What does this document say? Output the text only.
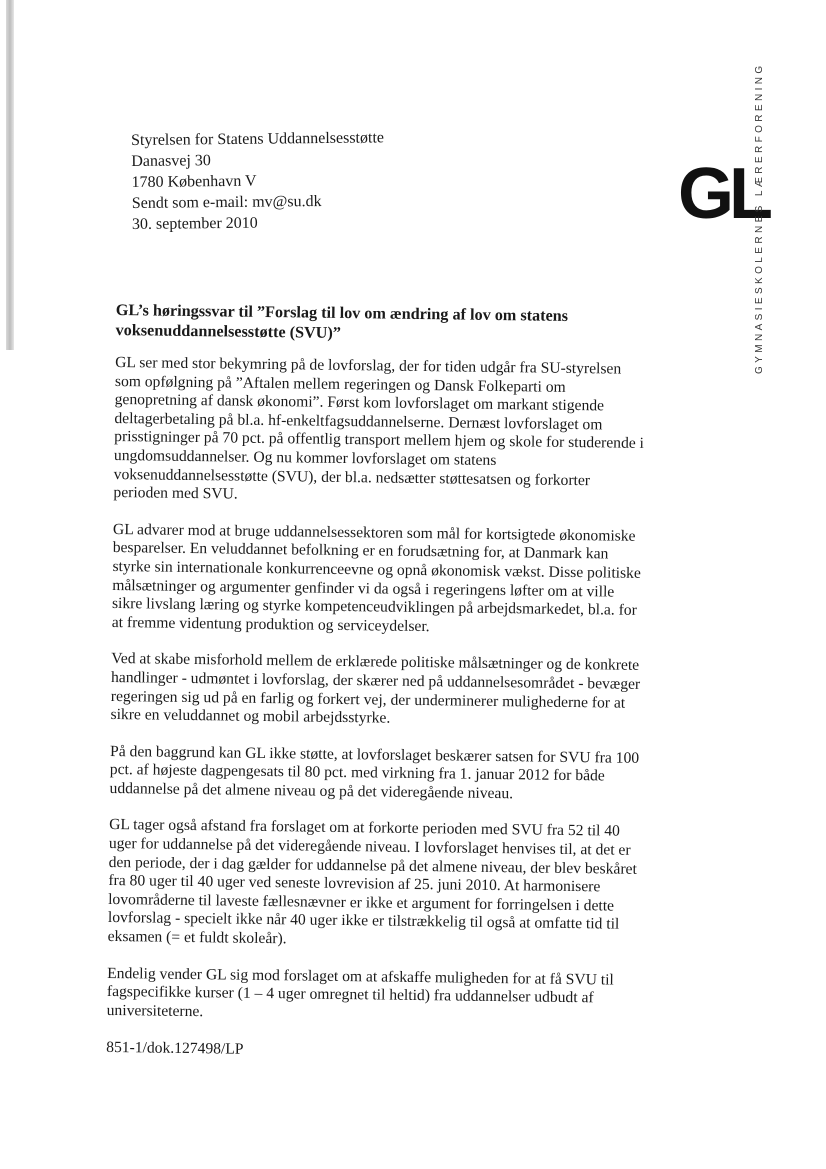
Styrelsen for Statens Uddannelsesstøtte
Danasvej 30
1780 København V
Sendt som e-mail: mv@su.dk
30. september 2010	GL
GYMNASIESKOLERNES LÆRERFORENING
GL’s høringssvar til ”Forslag til lov om ændring af lov om statens voksenuddannelsesstøtte (SVU)”

GL ser med stor bekymring på de lovforslag, der for tiden udgår fra SU-styrelsen som opfølgning på ”Aftalen mellem regeringen og Dansk Folkeparti om genopretning af dansk økonomi”. Først kom lovforslaget om markant stigende deltagerbetaling på bl.a. hf-enkeltfagsuddannelserne. Dernæst lovforslaget om prisstigninger på 70 pct. på offentlig transport mellem hjem og skole for studerende i ungdomsuddannelser. Og nu kommer lovforslaget om statens voksenuddannelsesstøtte (SVU), der bl.a. nedsætter støttesatsen og forkorter perioden med SVU.

GL advarer mod at bruge uddannelsessektoren som mål for kortsigtede økonomiske besparelser. En veluddannet befolkning er en forudsætning for, at Danmark kan styrke sin internationale konkurrenceevne og opnå økonomisk vækst. Disse politiske målsætninger og argumenter genfinder vi da også i regeringens løfter om at ville sikre livslang læring og styrke kompetenceudviklingen på arbejdsmarkedet, bl.a. for at fremme videntung produktion og serviceydelser.

Ved at skabe misforhold mellem de erklærede politiske målsætninger og de konkrete handlinger - udmøntet i lovforslag, der skærer ned på uddannelsesområdet - bevæger regeringen sig ud på en farlig og forkert vej, der underminerer mulighederne for at sikre en veluddannet og mobil arbejdsstyrke.

På den baggrund kan GL ikke støtte, at lovforslaget beskærer satsen for SVU fra 100 pct. af højeste dagpengesats til 80 pct. med virkning fra 1. januar 2012 for både uddannelse på det almene niveau og på det videregående niveau.

GL tager også afstand fra forslaget om at forkorte perioden med SVU fra 52 til 40 uger for uddannelse på det videregående niveau. I lovforslaget henvises til, at det er den periode, der i dag gælder for uddannelse på det almene niveau, der blev beskåret fra 80 uger til 40 uger ved seneste lovrevision af 25. juni 2010. At harmonisere lovområderne til laveste fællesnævner er ikke et argument for forringelsen i dette lovforslag - specielt ikke når 40 uger ikke er tilstrækkelig til også at omfatte tid til eksamen (= et fuldt skoleår).

Endelig vender GL sig mod forslaget om at afskaffe muligheden for at få SVU til fagspecifikke kurser (1 – 4 uger omregnet til heltid) fra uddannelser udbudt af universiteterne.

851-1/dok.127498/LP
